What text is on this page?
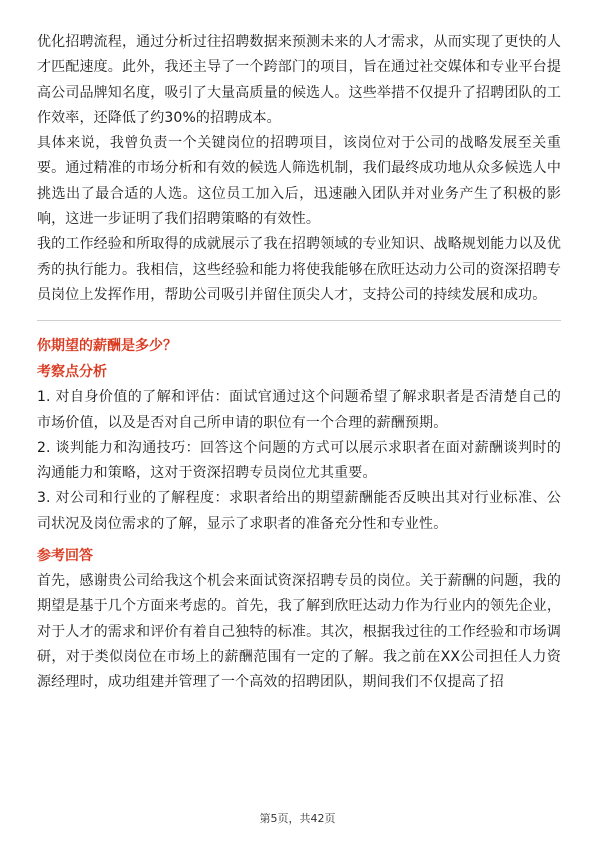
优化招聘流程，通过分析过往招聘数据来预测未来的人才需求，从而实现了更快的人才匹配速度。此外，我还主导了一个跨部门的项目，旨在通过社交媒体和专业平台提高公司品牌知名度，吸引了大量高质量的候选人。这些举措不仅提升了招聘团队的工作效率，还降低了约30%的招聘成本。

具体来说，我曾负责一个关键岗位的招聘项目，该岗位对于公司的战略发展至关重要。通过精准的市场分析和有效的候选人筛选机制，我们最终成功地从众多候选人中挑选出了最合适的人选。这位员工加入后，迅速融入团队并对业务产生了积极的影响，这进一步证明了我们招聘策略的有效性。

我的工作经验和所取得的成就展示了我在招聘领域的专业知识、战略规划能力以及优秀的执行能力。我相信，这些经验和能力将使我能够在欣旺达动力公司的资深招聘专员岗位上发挥作用，帮助公司吸引并留住顶尖人才，支持公司的持续发展和成功。

你期望的薪酬是多少？
考察点分析

1. 对自身价值的了解和评估：面试官通过这个问题希望了解求职者是否清楚自己的市场价值，以及是否对自己所申请的职位有一个合理的薪酬预期。

2. 谈判能力和沟通技巧：回答这个问题的方式可以展示求职者在面对薪酬谈判时的沟通能力和策略，这对于资深招聘专员岗位尤其重要。

3. 对公司和行业的了解程度：求职者给出的期望薪酬能否反映出其对行业标准、公司状况及岗位需求的了解，显示了求职者的准备充分性和专业性。

参考回答

首先，感谢贵公司给我这个机会来面试资深招聘专员的岗位。关于薪酬的问题，我的期望是基于几个方面来考虑的。首先，我了解到欣旺达动力作为行业内的领先企业，对于人才的需求和评价有着自己独特的标准。其次，根据我过往的工作经验和市场调研，对于类似岗位在市场上的薪酬范围有一定的了解。我之前在XX公司担任人力资源经理时，成功组建并管理了一个高效的招聘团队，期间我们不仅提高了招

第5页，共42页
